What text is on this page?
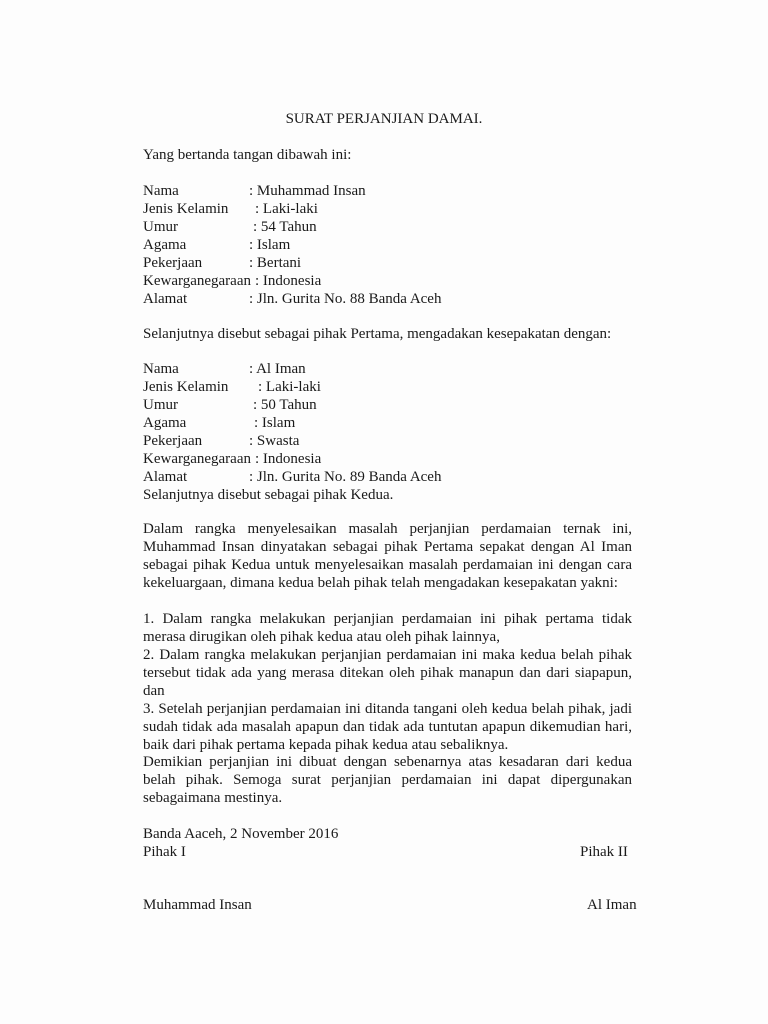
SURAT PERJANJIAN DAMAI.
Yang bertanda tangan dibawah ini:
Nama	: Muhammad Insan
Jenis Kelamin	: Laki-laki
Umur	: 54 Tahun
Agama	: Islam
Pekerjaan	: Bertani
Kewarganegaraan : Indonesia
Alamat	: Jln. Gurita No. 88 Banda Aceh
Selanjutnya disebut sebagai pihak Pertama, mengadakan kesepakatan dengan:
Nama	: Al Iman
Jenis Kelamin	: Laki-laki
Umur	: 50 Tahun
Agama	: Islam
Pekerjaan	: Swasta
Kewarganegaraan : Indonesia
Alamat	: Jln. Gurita No. 89 Banda Aceh
Selanjutnya disebut sebagai pihak Kedua.

Dalam rangka menyelesaikan masalah perjanjian perdamaian ternak ini, Muhammad Insan dinyatakan sebagai pihak Pertama sepakat dengan Al Iman sebagai pihak Kedua untuk menyelesaikan masalah perdamaian ini dengan cara kekeluargaan, dimana kedua belah pihak telah mengadakan kesepakatan yakni:

1. Dalam rangka melakukan perjanjian perdamaian ini pihak pertama tidak merasa dirugikan oleh pihak kedua atau oleh pihak lainnya,

2. Dalam rangka melakukan perjanjian perdamaian ini maka kedua belah pihak tersebut tidak ada yang merasa ditekan oleh pihak manapun dan dari siapapun, dan

3. Setelah perjanjian perdamaian ini ditanda tangani oleh kedua belah pihak, jadi sudah tidak ada masalah apapun dan tidak ada tuntutan apapun dikemudian hari, baik dari pihak pertama kepada pihak kedua atau sebaliknya.

Demikian perjanjian ini dibuat dengan sebenarnya atas kesadaran dari kedua belah pihak. Semoga surat perjanjian perdamaian ini dapat dipergunakan sebagaimana mestinya.

Banda Aaceh, 2 November 2016
Pihak I	Pihak II
Muhammad Insan	Al Iman
